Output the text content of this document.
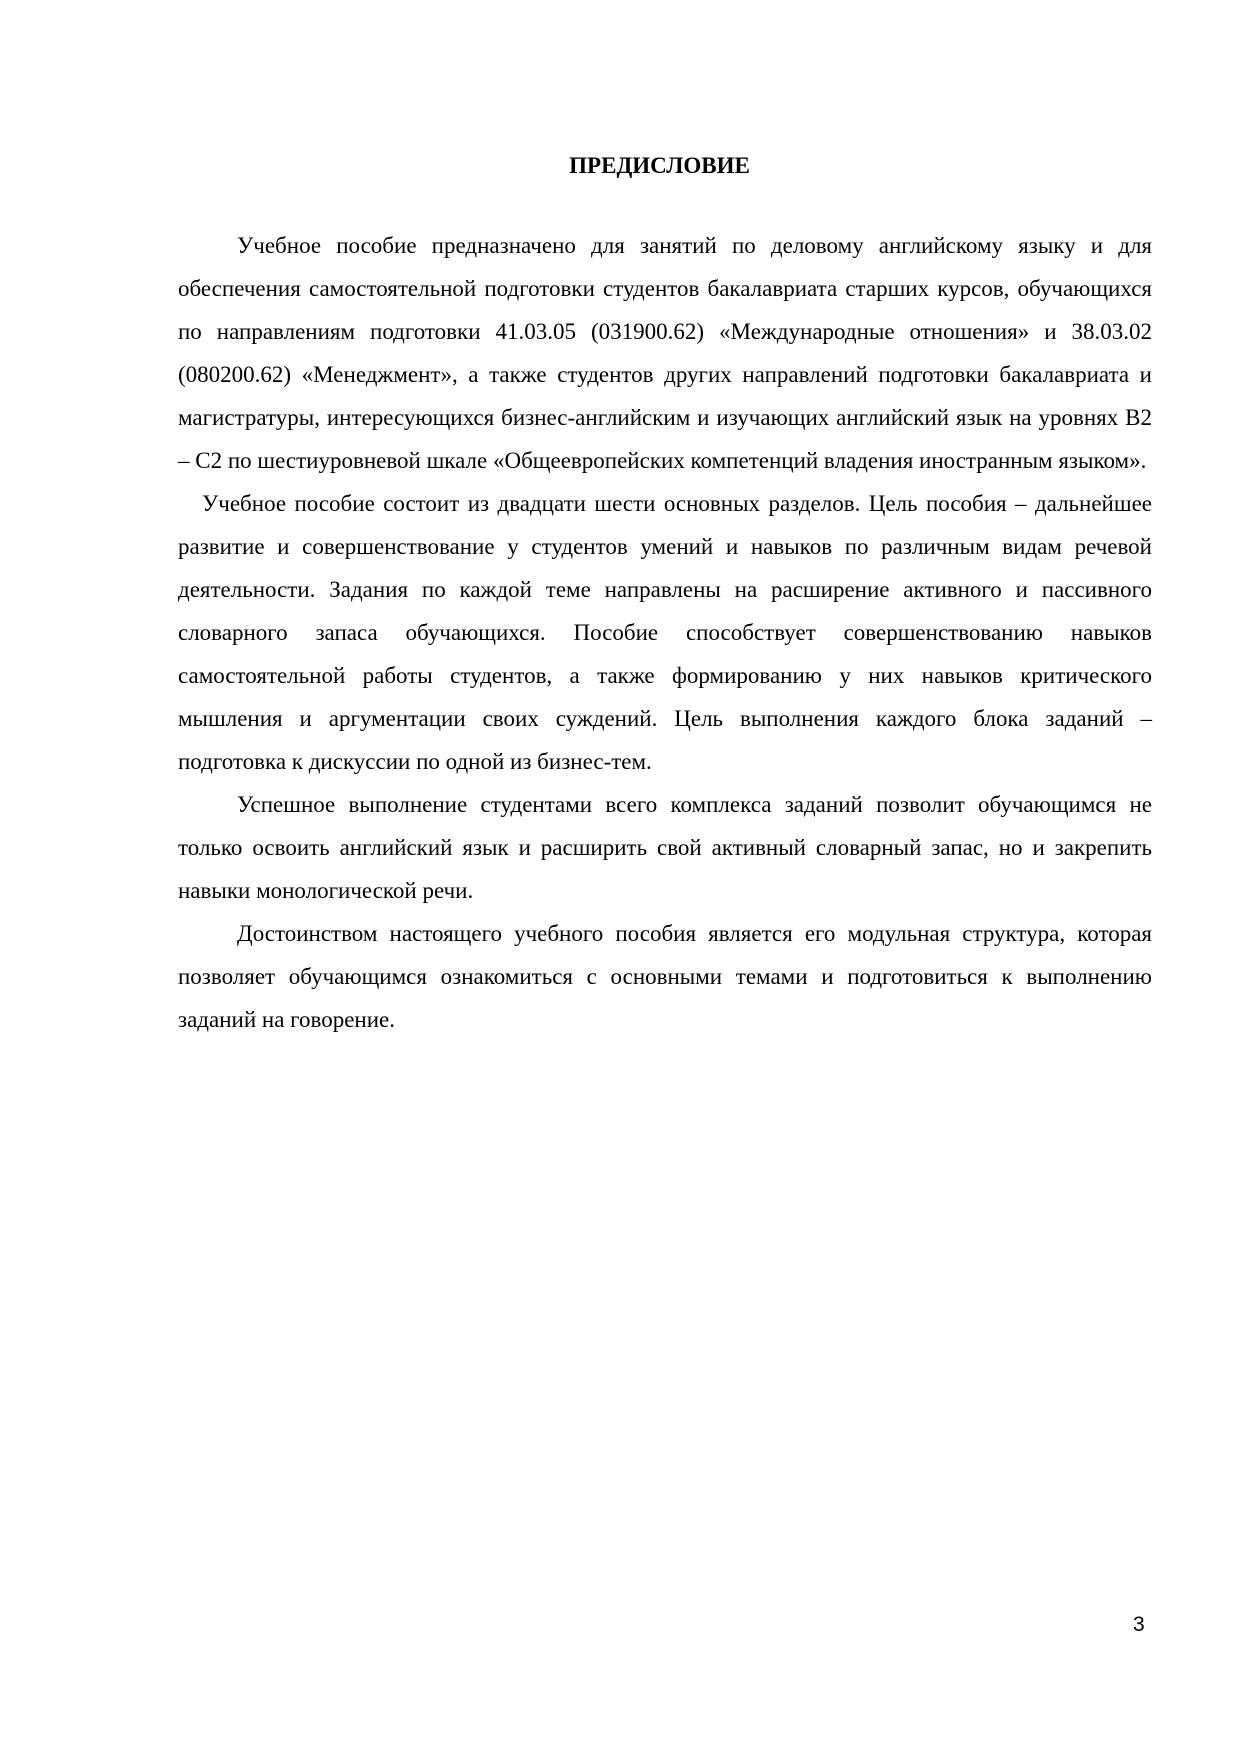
ПРЕДИСЛОВИЕ

Учебное пособие предназначено для занятий по деловому английскому языку и для обеспечения самостоятельной подготовки студентов бакалавриата старших курсов, обучающихся по направлениям подготовки 41.03.05 (031900.62) «Международные отношения» и 38.03.02 (080200.62) «Менеджмент», а также студентов других направлений подготовки бакалавриата и магистратуры, интересующихся бизнес-английским и изучающих английский язык на уровнях В2 – С2 по шестиуровневой шкале «Общеевропейских компетенций владения иностранным языком».

Учебное пособие состоит из двадцати шести основных разделов. Цель пособия – дальнейшее развитие и совершенствование у студентов умений и навыков по различным видам речевой деятельности. Задания по каждой теме направлены на расширение активного и пассивного словарного запаса обучающихся. Пособие способствует совершенствованию навыков самостоятельной работы студентов, а также формированию у них навыков критического мышления и аргументации своих суждений. Цель выполнения каждого блока заданий – подготовка к дискуссии по одной из бизнес-тем.

Успешное выполнение студентами всего комплекса заданий позволит обучающимся не только освоить английский язык и расширить свой активный словарный запас, но и закрепить навыки монологической речи.

Достоинством настоящего учебного пособия является его модульная структура, которая позволяет обучающимся ознакомиться с основными темами и подготовиться к выполнению заданий на говорение.

3
